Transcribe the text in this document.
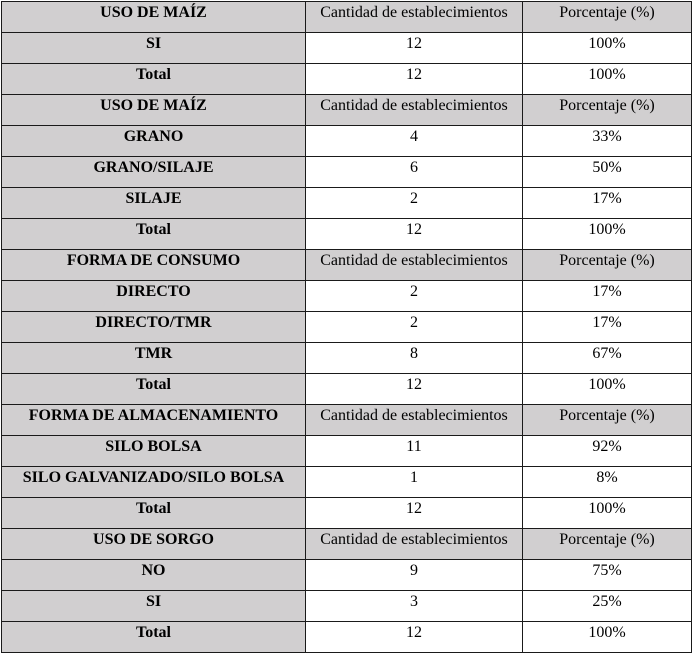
USO DE MAÍZ	Cantidad de establecimientos	Porcentaje (%)
SI	12	100%
Total	12	100%
USO DE MAÍZ	Cantidad de establecimientos	Porcentaje (%)
GRANO	4	33%
GRANO/SILAJE	6	50%
SILAJE	2	17%
Total	12	100%
FORMA DE CONSUMO	Cantidad de establecimientos	Porcentaje (%)
DIRECTO	2	17%
DIRECTO/TMR	2	17%
TMR	8	67%
Total	12	100%
FORMA DE ALMACENAMIENTO	Cantidad de establecimientos	Porcentaje (%)
SILO BOLSA	11	92%
SILO GALVANIZADO/SILO BOLSA	1	8%
Total	12	100%
USO DE SORGO	Cantidad de establecimientos	Porcentaje (%)
NO	9	75%
SI	3	25%
Total	12	100%
